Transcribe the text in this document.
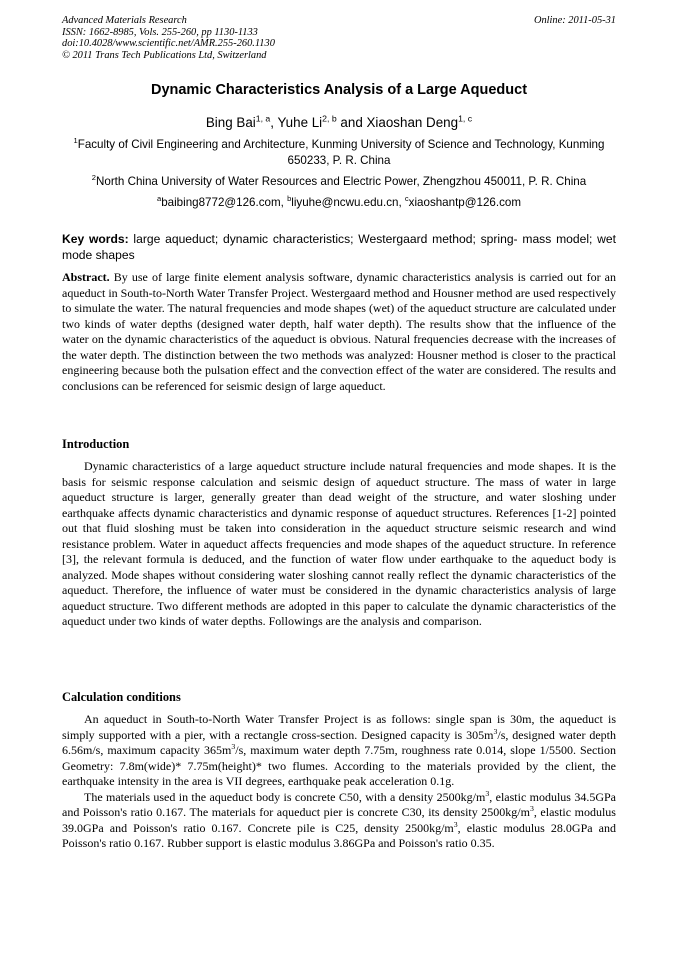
Advanced Materials Research
ISSN: 1662-8985, Vols. 255-260, pp 1130-1133
doi:10.4028/www.scientific.net/AMR.255-260.1130
© 2011 Trans Tech Publications Ltd, Switzerland
Online: 2011-05-31
Dynamic Characteristics Analysis of a Large Aqueduct
Bing Bai$^{1, a}$, Yuhe Li$^{2, b}$ and Xiaoshan Deng$^{1, c}$
$^1$Faculty of Civil Engineering and Architecture, Kunming University of Science and Technology, Kunming 650233, P. R. China
$^2$North China University of Water Resources and Electric Power, Zhengzhou 450011, P. R. China
$^a$baibing8772@126.com, $^b$liyuhe@ncwu.edu.cn, $^c$xiaoshantp@126.com
Key words: large aqueduct; dynamic characteristics; Westergaard method; spring- mass model; wet mode shapes
Abstract. By use of large finite element analysis software, dynamic characteristics analysis is carried out for an aqueduct in South-to-North Water Transfer Project. Westergaard method and Housner method are used respectively to simulate the water. The natural frequencies and mode shapes (wet) of the aqueduct structure are calculated under two kinds of water depths (designed water depth, half water depth). The results show that the influence of the water on the dynamic characteristics of the aqueduct is obvious. Natural frequencies decrease with the increases of the water depth. The distinction between the two methods was analyzed: Housner method is closer to the practical engineering because both the pulsation effect and the convection effect of the water are considered. The results and conclusions can be referenced for seismic design of large aqueduct.
Introduction

Dynamic characteristics of a large aqueduct structure include natural frequencies and mode shapes. It is the basis for seismic response calculation and seismic design of aqueduct structure. The mass of water in large aqueduct structure is larger, generally greater than dead weight of the structure, and water sloshing under earthquake affects dynamic characteristics and dynamic response of aqueduct structures. References [1-2] pointed out that fluid sloshing must be taken into consideration in the aqueduct structure seismic research and wind resistance problem. Water in aqueduct affects frequencies and mode shapes of the aqueduct structure. In reference [3], the relevant formula is deduced, and the function of water flow under earthquake to the aqueduct body is analyzed. Mode shapes without considering water sloshing cannot really reflect the dynamic characteristics of the aqueduct. Therefore, the influence of water must be considered in the dynamic characteristics analysis of large aqueduct structure. Two different methods are adopted in this paper to calculate the dynamic characteristics of the aqueduct under two kinds of water depths. Followings are the analysis and comparison.

Calculation conditions

An aqueduct in South-to-North Water Transfer Project is as follows: single span is 30m, the aqueduct is simply supported with a pier, with a rectangle cross-section. Designed capacity is $305m^3/s$, designed water depth 6.56m/s, maximum capacity $365m^3/s$, maximum water depth 7.75m, roughness rate 0.014, slope 1/5500. Section Geometry: 7.8m(wide)* 7.75m(height)* two flumes. According to the materials provided by the client, the earthquake intensity in the area is VII degrees, earthquake peak acceleration 0.1g.

The materials used in the aqueduct body is concrete C50, with a density $2500kg/m^3$, elastic modulus 34.5GPa and Poisson's ratio 0.167. The materials for aqueduct pier is concrete C30, its density $2500kg/m^3$, elastic modulus 39.0GPa and Poisson's ratio 0.167. Concrete pile is C25, density $2500kg/m^3$, elastic modulus 28.0GPa and Poisson's ratio 0.167. Rubber support is elastic modulus 3.86GPa and Poisson's ratio 0.35.
